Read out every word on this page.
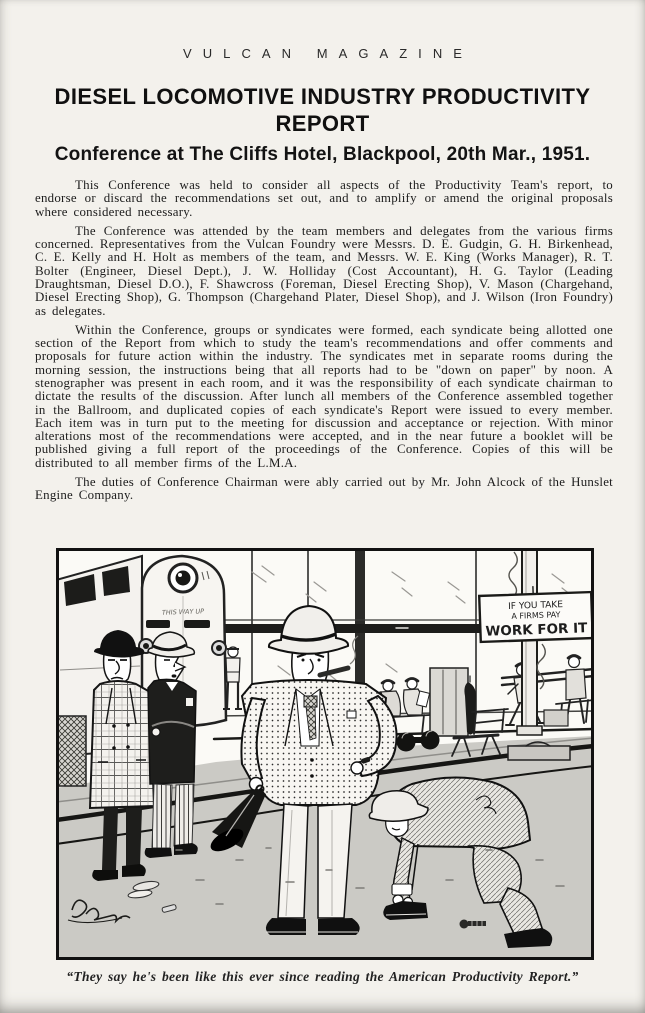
VULCAN MAGAZINE
DIESEL LOCOMOTIVE INDUSTRY PRODUCTIVITY
REPORT
Conference at The Cliffs Hotel, Blackpool, 20th Mar., 1951.

This Conference was held to consider all aspects of the Productivity Team's report, to endorse or discard the recommendations set out, and to amplify or amend the original proposals where considered necessary.

The Conference was attended by the team members and delegates from the various firms concerned. Representatives from the Vulcan Foundry were Messrs. D. E. Gudgin, G. H. Birkenhead, C. E. Kelly and H. Holt as members of the team, and Messrs. W. E. King (Works Manager), R. T. Bolter (Engineer, Diesel Dept.), J. W. Holliday (Cost Accountant), H. G. Taylor (Leading Draughtsman, Diesel D.O.), F. Shawcross (Foreman, Diesel Erecting Shop), V. Mason (Chargehand, Diesel Erecting Shop), G. Thompson (Chargehand Plater, Diesel Shop), and J. Wilson (Iron Foundry) as delegates.

Within the Conference, groups or syndicates were formed, each syndicate being allotted one section of the Report from which to study the team's recommendations and offer comments and proposals for future action within the industry. The syndicates met in separate rooms during the morning session, the instructions being that all reports had to be "down on paper" by noon. A stenographer was present in each room, and it was the responsibility of each syndicate chairman to dictate the results of the discussion. After lunch all members of the Conference assembled together in the Ballroom, and duplicated copies of each syndicate's Report were issued to every member. Each item was in turn put to the meeting for discussion and acceptance or rejection. With minor alterations most of the recommendations were accepted, and in the near future a booklet will be published giving a full report of the proceedings of the Conference. Copies of this will be distributed to all member firms of the L.M.A.

The duties of Conference Chairman were ably carried out by Mr. John Alcock of the Hunslet Engine Company.

IF YOU TAKE
A FIRMS PAY
WORK FOR IT
THIS WAY UP
“They say he's been like this ever since reading the American Productivity Report.”
